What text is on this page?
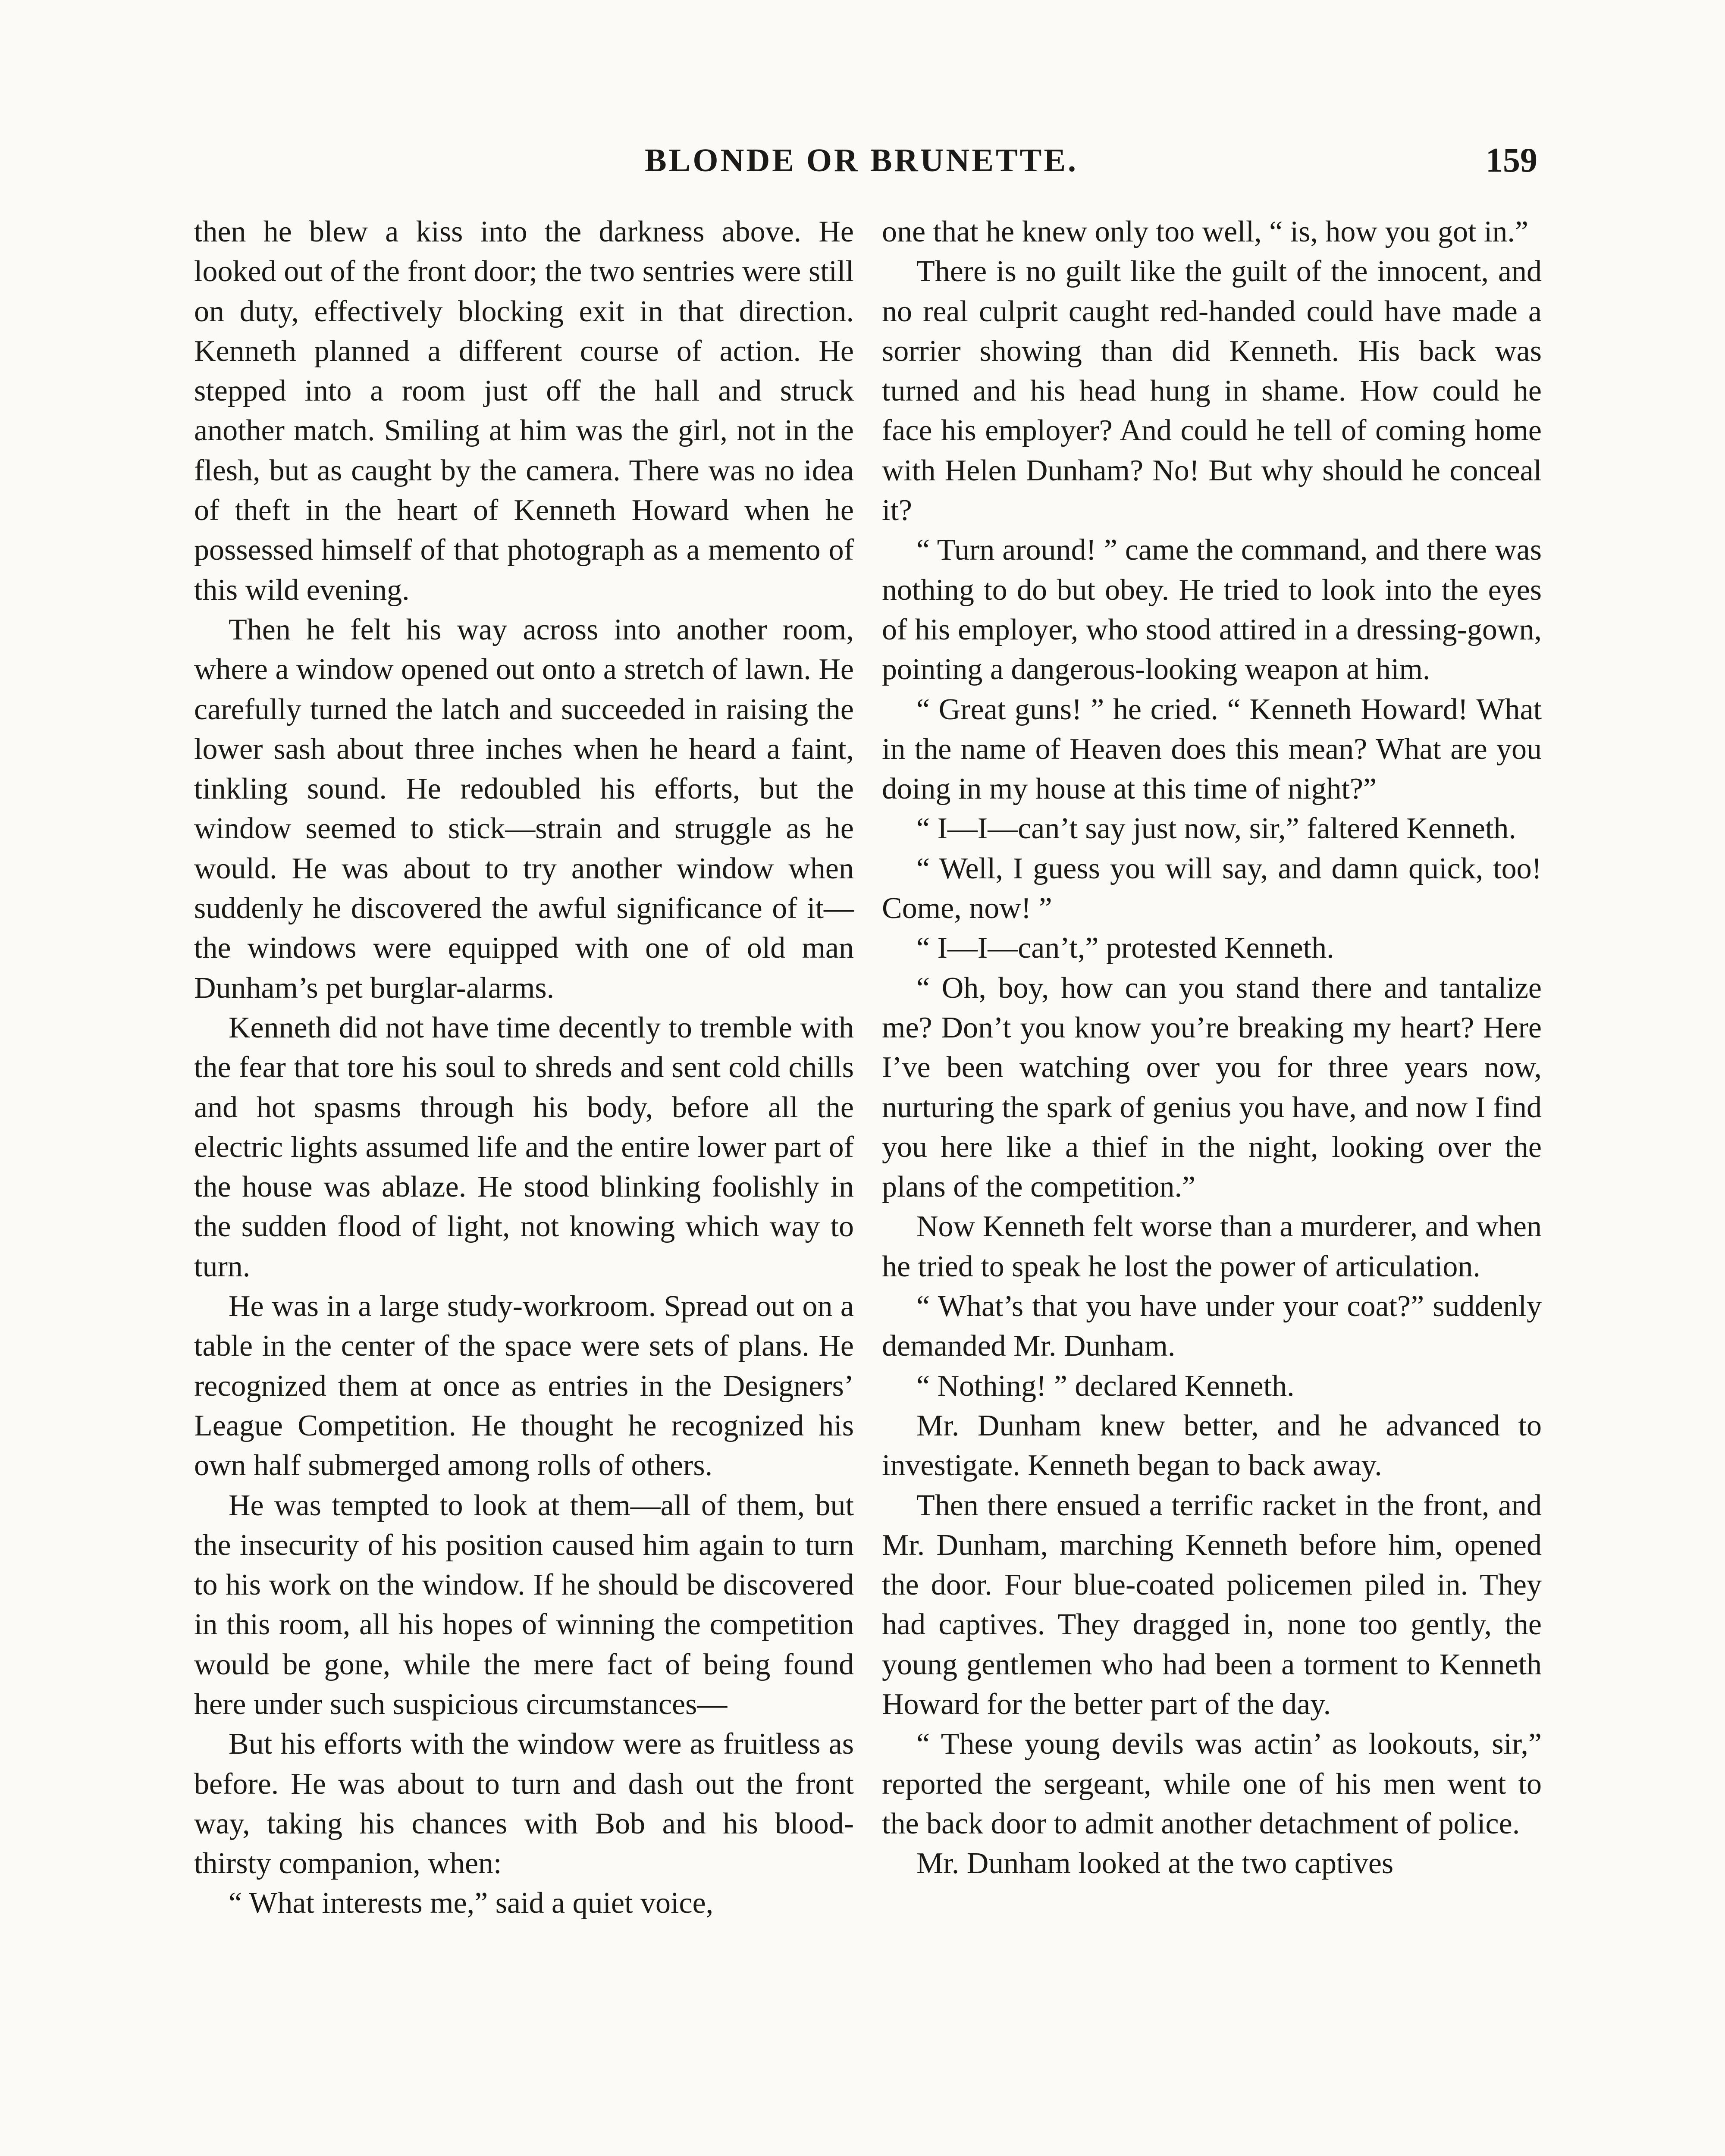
BLONDE OR BRUNETTE.	159

then he blew a kiss into the darkness above. He looked out of the front door; the two sentries were still on duty, effectively blocking exit in that direction. Kenneth planned a different course of action. He stepped into a room just off the hall and struck another match. Smiling at him was the girl, not in the flesh, but as caught by the camera. There was no idea of theft in the heart of Kenneth Howard when he possessed himself of that photograph as a memento of this wild evening.

Then he felt his way across into another room, where a window opened out onto a stretch of lawn. He carefully turned the latch and succeeded in raising the lower sash about three inches when he heard a faint, tinkling sound. He redoubled his efforts, but the window seemed to stick—strain and struggle as he would. He was about to try another window when suddenly he discovered the awful significance of it—the windows were equipped with one of old man Dunham’s pet burglar-alarms.

Kenneth did not have time decently to tremble with the fear that tore his soul to shreds and sent cold chills and hot spasms through his body, before all the electric lights assumed life and the entire lower part of the house was ablaze. He stood blinking foolishly in the sudden flood of light, not knowing which way to turn.

He was in a large study-workroom. Spread out on a table in the center of the space were sets of plans. He recognized them at once as entries in the Designers’ League Competition. He thought he recognized his own half submerged among rolls of others.

He was tempted to look at them—all of them, but the insecurity of his position caused him again to turn to his work on the window. If he should be discovered in this room, all his hopes of winning the competition would be gone, while the mere fact of being found here under such suspicious circumstances—

But his efforts with the window were as fruitless as before. He was about to turn and dash out the front way, taking his chances with Bob and his blood-thirsty companion, when:

“ What interests me,” said a quiet voice,

one that he knew only too well, “ is, how you got in.”

There is no guilt like the guilt of the innocent, and no real culprit caught red-handed could have made a sorrier showing than did Kenneth. His back was turned and his head hung in shame. How could he face his employer? And could he tell of coming home with Helen Dunham? No! But why should he conceal it?

“ Turn around! ” came the command, and there was nothing to do but obey. He tried to look into the eyes of his employer, who stood attired in a dressing-gown, pointing a dangerous-looking weapon at him.

“ Great guns! ” he cried. “ Kenneth Howard! What in the name of Heaven does this mean? What are you doing in my house at this time of night?”

“ I—I—can’t say just now, sir,” faltered Kenneth.

“ Well, I guess you will say, and damn quick, too! Come, now! ”

“ I—I—can’t,” protested Kenneth.

“ Oh, boy, how can you stand there and tantalize me? Don’t you know you’re breaking my heart? Here I’ve been watching over you for three years now, nurturing the spark of genius you have, and now I find you here like a thief in the night, looking over the plans of the competition.”

Now Kenneth felt worse than a murderer, and when he tried to speak he lost the power of articulation.

“ What’s that you have under your coat?” suddenly demanded Mr. Dunham.

“ Nothing! ” declared Kenneth.

Mr. Dunham knew better, and he advanced to investigate. Kenneth began to back away.

Then there ensued a terrific racket in the front, and Mr. Dunham, marching Kenneth before him, opened the door. Four blue-coated policemen piled in. They had captives. They dragged in, none too gently, the young gentlemen who had been a torment to Kenneth Howard for the better part of the day.

“ These young devils was actin’ as lookouts, sir,” reported the sergeant, while one of his men went to the back door to admit another detachment of police.

Mr. Dunham looked at the two captives
